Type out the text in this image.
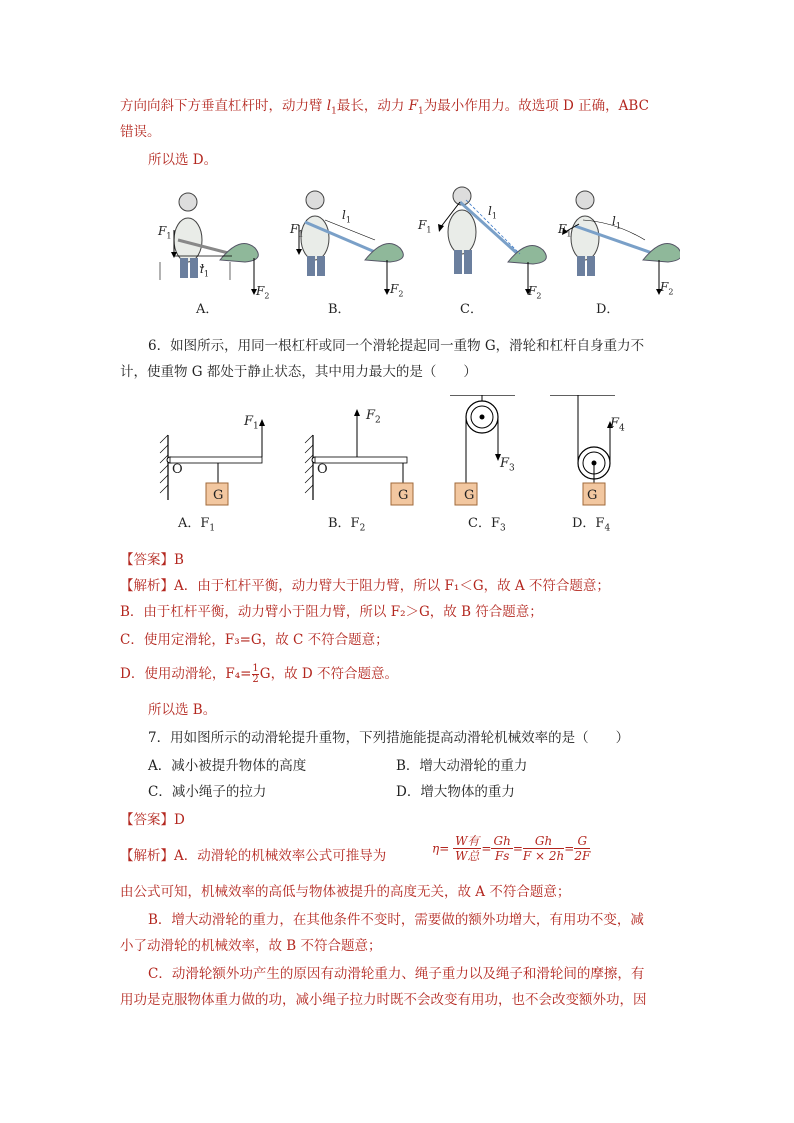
方向向斜下方垂直杠杆时，动力臂 $l_1$最长，动力 $F_1$为最小作用力。故选项 D 正确，ABC
错误。
所以选 D。
$F_1$
$l_1$
$F_2$
$F_1$
$l_1$
$F_2$
$F_1$
$l_1$
$F_2$
$F_1$
$l_1$
$F_2$
A．	B．	C．	D．
6．如图所示，用同一根杠杆或同一个滑轮提起同一重物 G，滑轮和杠杆自身重力不
计，使重物 G 都处于静止状态，其中用力最大的是（　　）
$F_1$
O
G
$F_2$
O
G
$F_3$
G
$F_4$
G
A．$F_1$	B．$F_2$	C．$F_3$	D．$F_4$
【答案】B
【解析】A．由于杠杆平衡，动力臂大于阻力臂，所以 F₁＜G，故 A 不符合题意；
B．由于杠杆平衡，动力臂小于阻力臂，所以 F₂＞G，故 B 符合题意；
C．使用定滑轮，F₃=G，故 C 不符合题意；
D．使用动滑轮，$F_4= \frac{1}{2}$ G，故 D 不符合题意。
所以选 B。
7．用如图所示的动滑轮提升重物，下列措施能提高动滑轮机械效率的是（　　）
A．减小被提升物体的高度	B．增大动滑轮的重力
C．减小绳子的拉力	D．增大物体的重力
【答案】D
【解析】A．动滑轮的机械效率公式可推导为	η=
W有
W总
= $\frac{Gh}{Fs} = \frac{Gh}{F \times 2h} = \frac{G}{2F}$
由公式可知，机械效率的高低与物体被提升的高度无关，故 A 不符合题意；
B．增大动滑轮的重力，在其他条件不变时，需要做的额外功增大，有用功不变，减
小了动滑轮的机械效率，故 B 不符合题意；
C．动滑轮额外功产生的原因有动滑轮重力、绳子重力以及绳子和滑轮间的摩擦，有
用功是克服物体重力做的功，减小绳子拉力时既不会改变有用功，也不会改变额外功，因
